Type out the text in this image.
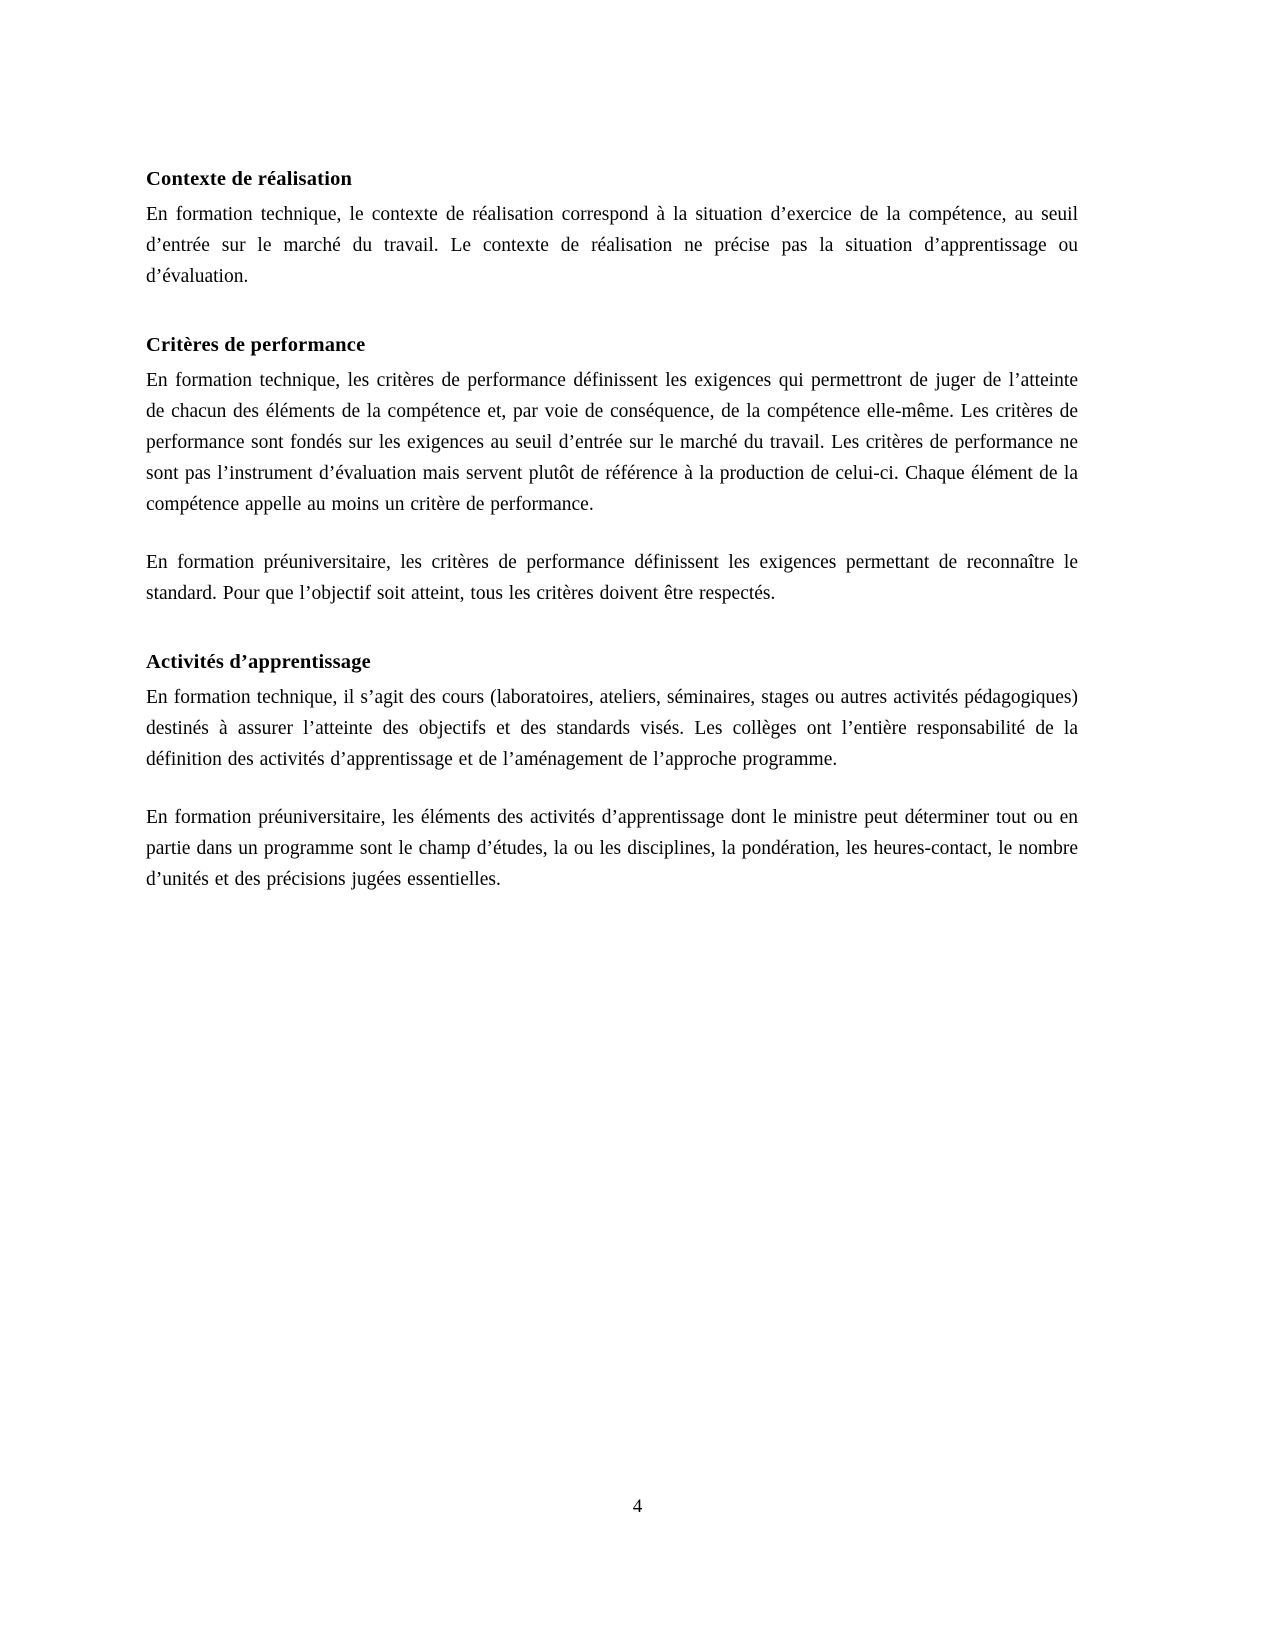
Contexte de réalisation

En formation technique, le contexte de réalisation correspond à la situation d’exercice de la compétence, au seuil d’entrée sur le marché du travail. Le contexte de réalisation ne précise pas la situation d’apprentissage ou d’évaluation.

Critères de performance

En formation technique, les critères de performance définissent les exigences qui permettront de juger de l’atteinte de chacun des éléments de la compétence et, par voie de conséquence, de la compétence elle-même. Les critères de performance sont fondés sur les exigences au seuil d’entrée sur le marché du travail. Les critères de performance ne sont pas l’instrument d’évaluation mais servent plutôt de référence à la production de celui-ci. Chaque élément de la compétence appelle au moins un critère de performance.

En formation préuniversitaire, les critères de performance définissent les exigences permettant de reconnaître le standard. Pour que l’objectif soit atteint, tous les critères doivent être respectés.

Activités d’apprentissage

En formation technique, il s’agit des cours (laboratoires, ateliers, séminaires, stages ou autres activités pédagogiques) destinés à assurer l’atteinte des objectifs et des standards visés. Les collèges ont l’entière responsabilité de la définition des activités d’apprentissage et de l’aménagement de l’approche programme.

En formation préuniversitaire, les éléments des activités d’apprentissage dont le ministre peut déterminer tout ou en partie dans un programme sont le champ d’études, la ou les disciplines, la pondération, les heures-contact, le nombre d’unités et des précisions jugées essentielles.

4
